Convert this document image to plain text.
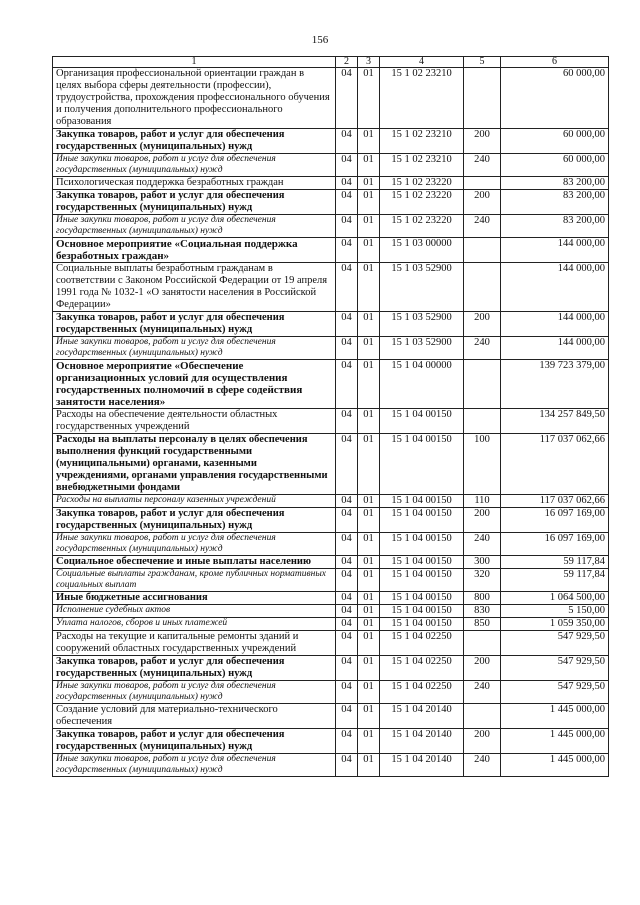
156
1	2	3	4	5	6
Организация профессиональной ориентации граждан в целях выбора сферы деятельности (профессии), трудоустройства, прохождения профессионального обучения и получения дополнительного профессионального образования	04	01	15 1 02 23210		60 000,00
Закупка товаров, работ и услуг для обеспечения государственных (муниципальных) нужд	04	01	15 1 02 23210	200	60 000,00
Иные закупки товаров, работ и услуг для обеспечения государственных (муниципальных) нужд	04	01	15 1 02 23210	240	60 000,00
Психологическая поддержка безработных граждан	04	01	15 1 02 23220		83 200,00
Закупка товаров, работ и услуг для обеспечения государственных (муниципальных) нужд	04	01	15 1 02 23220	200	83 200,00
Иные закупки товаров, работ и услуг для обеспечения государственных (муниципальных) нужд	04	01	15 1 02 23220	240	83 200,00
Основное мероприятие «Социальная поддержка безработных граждан»	04	01	15 1 03 00000		144 000,00
Социальные выплаты безработным гражданам в соответствии с Законом Российской Федерации от 19 апреля 1991 года № 1032-1 «О занятости населения в Российской Федерации»	04	01	15 1 03 52900		144 000,00
Закупка товаров, работ и услуг для обеспечения государственных (муниципальных) нужд	04	01	15 1 03 52900	200	144 000,00
Иные закупки товаров, работ и услуг для обеспечения государственных (муниципальных) нужд	04	01	15 1 03 52900	240	144 000,00
Основное мероприятие «Обеспечение организационных условий для осуществления государственных полномочий в сфере содействия занятости населения»	04	01	15 1 04 00000		139 723 379,00
Расходы на обеспечение деятельности областных государственных учреждений	04	01	15 1 04 00150		134 257 849,50
Расходы на выплаты персоналу в целях обеспечения выполнения функций государственными (муниципальными) органами, казенными учреждениями, органами управления государственными внебюджетными фондами	04	01	15 1 04 00150	100	117 037 062,66
Расходы на выплаты персоналу казенных учреждений	04	01	15 1 04 00150	110	117 037 062,66
Закупка товаров, работ и услуг для обеспечения государственных (муниципальных) нужд	04	01	15 1 04 00150	200	16 097 169,00
Иные закупки товаров, работ и услуг для обеспечения государственных (муниципальных) нужд	04	01	15 1 04 00150	240	16 097 169,00
Социальное обеспечение и иные выплаты населению	04	01	15 1 04 00150	300	59 117,84
Социальные выплаты гражданам, кроме публичных нормативных социальных выплат	04	01	15 1 04 00150	320	59 117,84
Иные бюджетные ассигнования	04	01	15 1 04 00150	800	1 064 500,00
Исполнение судебных актов	04	01	15 1 04 00150	830	5 150,00
Уплата налогов, сборов и иных платежей	04	01	15 1 04 00150	850	1 059 350,00
Расходы на текущие и капитальные ремонты зданий и сооружений областных государственных учреждений	04	01	15 1 04 02250		547 929,50
Закупка товаров, работ и услуг для обеспечения государственных (муниципальных) нужд	04	01	15 1 04 02250	200	547 929,50
Иные закупки товаров, работ и услуг для обеспечения государственных (муниципальных) нужд	04	01	15 1 04 02250	240	547 929,50
Создание условий для материально-технического обеспечения	04	01	15 1 04 20140		1 445 000,00
Закупка товаров, работ и услуг для обеспечения государственных (муниципальных) нужд	04	01	15 1 04 20140	200	1 445 000,00
Иные закупки товаров, работ и услуг для обеспечения государственных (муниципальных) нужд	04	01	15 1 04 20140	240	1 445 000,00
